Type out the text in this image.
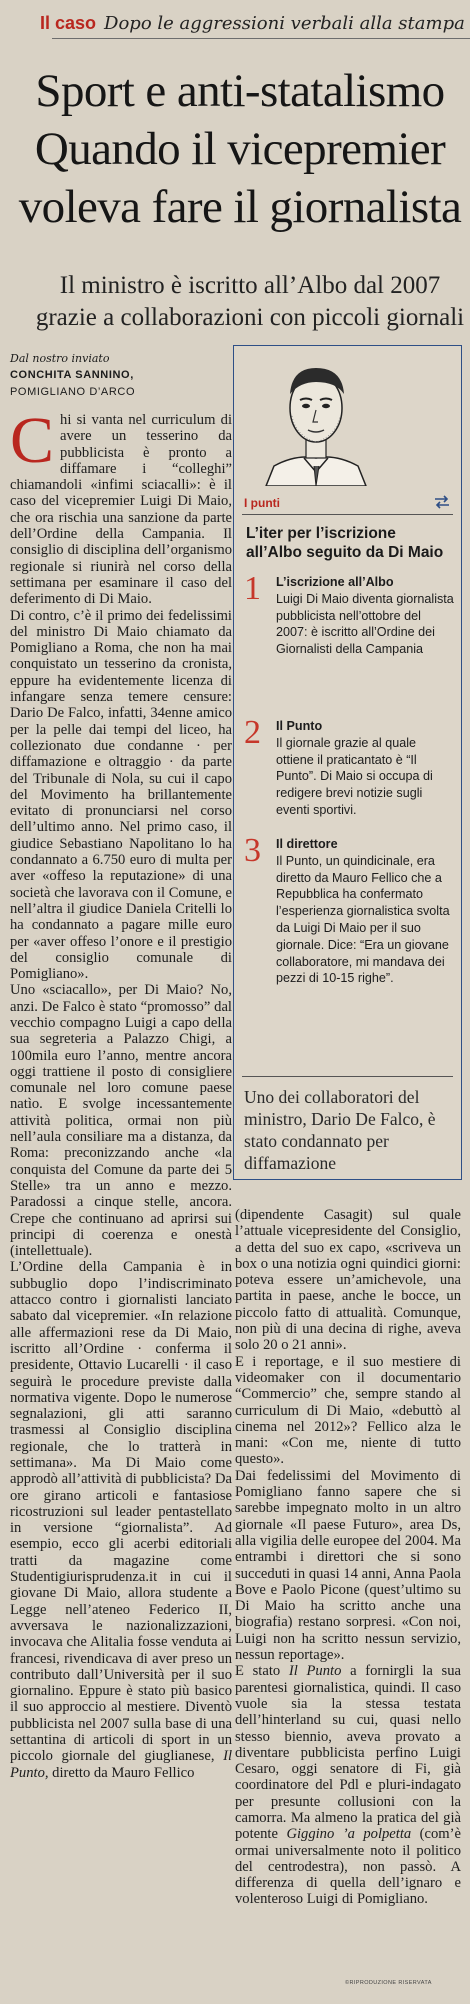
Il caso Dopo le aggressioni verbali alla stampa
Sport e anti-statalismo
Quando il vicepremier
voleva fare il giornalista
Il ministro è iscritto all’Albo dal 2007
grazie a collaborazioni con piccoli giornali
Dal nostro inviato
CONCHITA SANNINO,
POMIGLIANO D’ARCO

Chi si vanta nel curriculum di avere un tesserino da pubblicista è pronto a diffamare i “colleghi” chiamandoli «infimi sciacalli»: è il caso del vicepremier Luigi Di Maio, che ora rischia una sanzione da parte dell’Ordine della Campania. Il consiglio di disciplina dell’organismo regionale si riunirà nel corso della settimana per esaminare il caso del deferimento di Di Maio.

Di contro, c’è il primo dei fedelissimi del ministro Di Maio chiamato da Pomigliano a Roma, che non ha mai conquistato un tesserino da cronista, eppure ha evidentemente licenza di infangare senza temere censure: Dario De Falco, infatti, 34enne amico per la pelle dai tempi del liceo, ha collezionato due condanne · per diffamazione e oltraggio · da parte del Tribunale di Nola, su cui il capo del Movimento ha brillantemente evitato di pronunciarsi nel corso dell’ultimo anno. Nel primo caso, il giudice Sebastiano Napolitano lo ha condannato a 6.750 euro di multa per aver «offeso la reputazione» di una società che lavorava con il Comune, e nell’altra il giudice Daniela Critelli lo ha condannato a pagare mille euro per «aver offeso l’onore e il prestigio del consiglio comunale di Pomigliano».

Uno «sciacallo», per Di Maio? No, anzi. De Falco è stato “promosso” dal vecchio compagno Luigi a capo della sua segreteria a Palazzo Chigi, a 100mila euro l’anno, mentre ancora oggi trattiene il posto di consigliere comunale nel loro comune paese natìo. E svolge incessantemente attività politica, ormai non più nell’aula consiliare ma a distanza, da Roma: preconizzando anche «la conquista del Comune da parte dei 5 Stelle» tra un anno e mezzo. Paradossi a cinque stelle, ancora. Crepe che continuano ad aprirsi sui principi di coerenza e onestà (intellettuale).

L’Ordine della Campania è in subbuglio dopo l’indiscriminato attacco contro i giornalisti lanciato sabato dal vicepremier. «In relazione alle affermazioni rese da Di Maio, iscritto all’Ordine · conferma il presidente, Ottavio Lucarelli · il caso seguirà le procedure previste dalla normativa vigente. Dopo le numerose segnalazioni, gli atti saranno trasmessi al Consiglio disciplina regionale, che lo tratterà in settimana». Ma Di Maio come approdò all’attività di pubblicista? Da ore girano articoli e fantasiose ricostruzioni sul leader pentastellato in versione “giornalista”. Ad esempio, ecco gli acerbi editoriali tratti da magazine come Studentigiurisprudenza.it in cui il giovane Di Maio, allora studente a Legge nell’ateneo Federico II, avversava le nazionalizzazioni, invocava che Alitalia fosse venduta ai francesi, rivendicava di aver preso un contributo dall’Università per il suo giornalino. Eppure è stato più basico il suo approccio al mestiere. Diventò pubblicista nel 2007 sulla base di una settantina di articoli di sport in un piccolo giornale del giuglianese, Il Punto, diretto da Mauro Fellico

I punti
L’iter per l’iscrizione all’Albo seguito da Di Maio
1 L’iscrizione all’Albo
Luigi Di Maio diventa giornalista pubblicista nell’ottobre del 2007: è iscritto all’Ordine dei Giornalisti della Campania
2 Il Punto
Il giornale grazie al quale ottiene il praticantato è “Il Punto”. Di Maio si occupa di redigere brevi notizie sugli eventi sportivi.
3 Il direttore
Il Punto, un quindicinale, era diretto da Mauro Fellico che a Repubblica ha confermato l’esperienza giornalistica svolta da Luigi Di Maio per il suo giornale. Dice: “Era un giovane collaboratore, mi mandava dei pezzi di 10-15 righe”.
Uno dei collaboratori del ministro, Dario De Falco, è stato condannato per diffamazione

(dipendente Casagit) sul quale l’attuale vicepresidente del Consiglio, a detta del suo ex capo, «scriveva un box o una notizia ogni quindici giorni: poteva essere un’amichevole, una partita in paese, anche le bocce, un piccolo fatto di attualità. Comunque, non più di una decina di righe, aveva solo 20 o 21 anni».

E i reportage, e il suo mestiere di videomaker con il documentario “Commercio” che, sempre stando al curriculum di Di Maio, «debuttò al cinema nel 2012»? Fellico alza le mani: «Con me, niente di tutto questo».

Dai fedelissimi del Movimento di Pomigliano fanno sapere che si sarebbe impegnato molto in un altro giornale «Il paese Futuro», area Ds, alla vigilia delle europee del 2004. Ma entrambi i direttori che si sono succeduti in quasi 14 anni, Anna Paola Bove e Paolo Picone (quest’ultimo su Di Maio ha scritto anche una biografia) restano sorpresi. «Con noi, Luigi non ha scritto nessun servizio, nessun reportage».

E stato Il Punto a fornirgli la sua parentesi giornalistica, quindi. Il caso vuole sia la stessa testata dell’hinterland su cui, quasi nello stesso biennio, aveva provato a diventare pubblicista perfino Luigi Cesaro, oggi senatore di Fi, già coordinatore del Pdl e pluri-indagato per presunte collusioni con la camorra. Ma almeno la pratica del già potente Giggino ’a polpetta (com’è ormai universalmente noto il politico del centrodestra), non passò. A differenza di quella dell’ignaro e volenteroso Luigi di Pomigliano.

©RIPRODUZIONE RISERVATA
